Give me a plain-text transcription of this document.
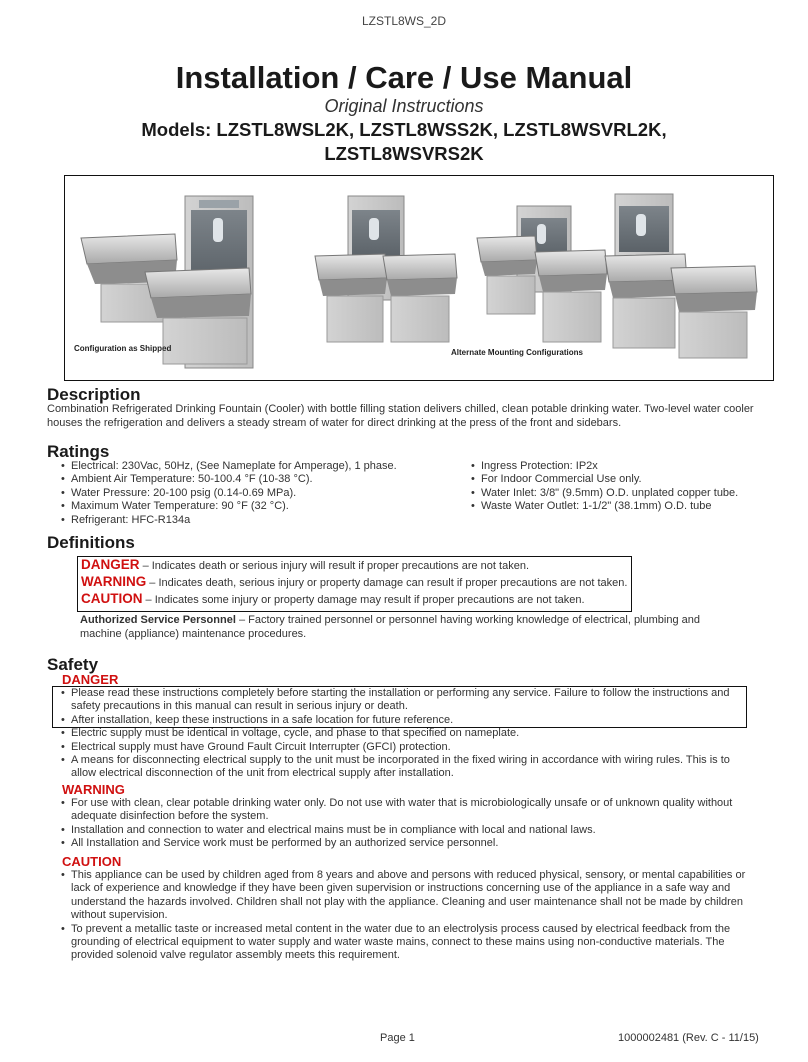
LZSTL8WS_2D
Installation / Care / Use Manual
Original Instructions
Models: LZSTL8WSL2K, LZSTL8WSS2K, LZSTL8WSVRL2K,
LZSTL8WSVRS2K
Configuration as Shipped	Alternate Mounting Configurations
Description
Combination Refrigerated Drinking Fountain (Cooler) with bottle filling station delivers chilled, clean potable drinking water. Two-level water cooler houses the refrigeration and delivers a steady stream of water for direct drinking at the press of the front and sidebars.
Ratings
• Electrical: 230Vac, 50Hz, (See Nameplate for Amperage), 1 phase.
• Ambient Air Temperature: 50-100.4 °F (10-38 °C).
• Water Pressure: 20-100 psig (0.14-0.69 MPa).
• Maximum Water Temperature: 90 °F (32 °C).
• Refrigerant: HFC-R134a
• Ingress Protection: IP2x
• For Indoor Commercial Use only.
• Water Inlet: 3/8" (9.5mm) O.D. unplated copper tube.
• Waste Water Outlet: 1-1/2" (38.1mm) O.D. tube
Definitions
DANGER – Indicates death or serious injury will result if proper precautions are not taken.
WARNING – Indicates death, serious injury or property damage can result if proper precautions are not taken.
CAUTION – Indicates some injury or property damage may result if proper precautions are not taken.
Authorized Service Personnel – Factory trained personnel or personnel having working knowledge of electrical, plumbing and machine (appliance) maintenance procedures.
Safety
DANGER
• Please read these instructions completely before starting the installation or performing any service. Failure to follow the instructions and safety precautions in this manual can result in serious injury or death.
• After installation, keep these instructions in a safe location for future reference.
• Electric supply must be identical in voltage, cycle, and phase to that specified on nameplate.
• Electrical supply must have Ground Fault Circuit Interrupter (GFCI) protection.
• A means for disconnecting electrical supply to the unit must be incorporated in the fixed wiring in accordance with wiring rules. This is to allow electrical disconnection of the unit from electrical supply after installation.
WARNING
• For use with clean, clear potable drinking water only. Do not use with water that is microbiologically unsafe or of unknown quality without adequate disinfection before the system.
• Installation and connection to water and electrical mains must be in compliance with local and national laws.
• All Installation and Service work must be performed by an authorized service personnel.
CAUTION
• This appliance can be used by children aged from 8 years and above and persons with reduced physical, sensory, or mental capabilities or lack of experience and knowledge if they have been given supervision or instructions concerning use of the appliance in a safe way and understand the hazards involved. Children shall not play with the appliance. Cleaning and user maintenance shall not be made by children without supervision.
• To prevent a metallic taste or increased metal content in the water due to an electrolysis process caused by electrical feedback from the grounding of electrical equipment to water supply and water waste mains, connect to these mains using non-conductive materials. The provided solenoid valve regulator assembly meets this requirement.
Page 1	1000002481 (Rev. C - 11/15)
